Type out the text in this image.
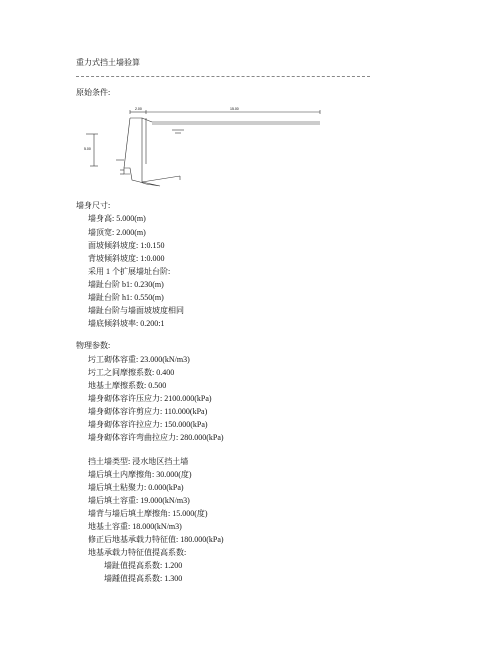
重力式挡土墙验算
原始条件:
2.00	15.00
5.00
墙身尺寸:
墙身高: 5.000(m)
墙顶宽: 2.000(m)
面坡倾斜坡度: 1:0.150
背坡倾斜坡度: 1:0.000
采用 1 个扩展墙址台阶:
墙趾台阶 b1: 0.230(m)
墙趾台阶 h1: 0.550(m)
墙趾台阶与墙面坡坡度相同
墙底倾斜坡率: 0.200:1
物理参数:
圬工砌体容重: 23.000(kN/m3)
圬工之间摩擦系数: 0.400
地基土摩擦系数: 0.500
墙身砌体容许压应力: 2100.000(kPa)
墙身砌体容许剪应力: 110.000(kPa)
墙身砌体容许拉应力: 150.000(kPa)
墙身砌体容许弯曲拉应力: 280.000(kPa)
挡土墙类型: 浸水地区挡土墙
墙后填土内摩擦角: 30.000(度)
墙后填土粘聚力: 0.000(kPa)
墙后填土容重: 19.000(kN/m3)
墙背与墙后填土摩擦角: 15.000(度)
地基土容重: 18.000(kN/m3)
修正后地基承载力特征值: 180.000(kPa)
地基承载力特征值提高系数:
墙趾值提高系数: 1.200
墙踵值提高系数: 1.300
